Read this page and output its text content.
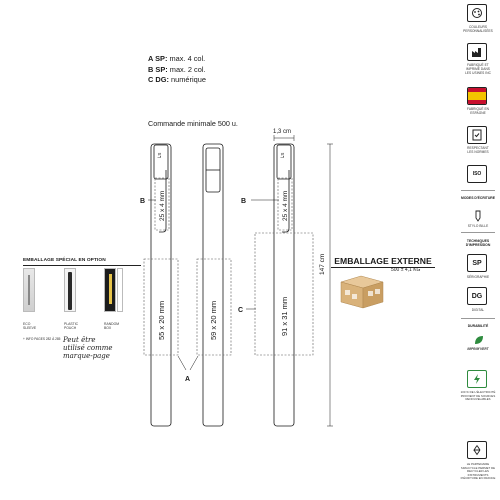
A SP: max. 4 col.
B SP: max. 2 col.
C DG: numérique
Commande minimale 500 u.
ᏓS	ᏓS
1,3 cm
147 cm
25 x 4 mm	25 x 4 mm
55 x 20 mm	59 x 20 mm	91 x 31 mm
A
B	B
C
EMBALLAGE SPÉCIAL EN OPTION
ECO
SLEEVE
PLASTIC
POUCH
RANDOM
BOX
+ INFO PAGES 282 À 285 Peut être
utilisé comme
marque-page
EMBALLAGE EXTERNE
500 ± 4,1 KG
COULEURS
PERSONNALISÉES
FABRIQUÉ ET
IMPRIMÉ DANS
LES USINES INC
FABRIQUÉ EN
ESPAGNE
RESPECTANT
LES NORMES
ISO
MODES D'ÉCRITURE
STYLO BILLE
TECHNIQUES D'IMPRESSION
SP
SÉRIGRAPHIE
DG
DIGITAL
DURABILITÉ
IMPRIM'VERT
100 % DE L'ÉLECTRICITÉ PROVIENT DE SOURCES RENOUVELABLES
LE PARTENAIRE SIMACYCLE PERMET DE RECYCLER LES INSTRUMENTS D'ÉCRITURE EN FRANCE
